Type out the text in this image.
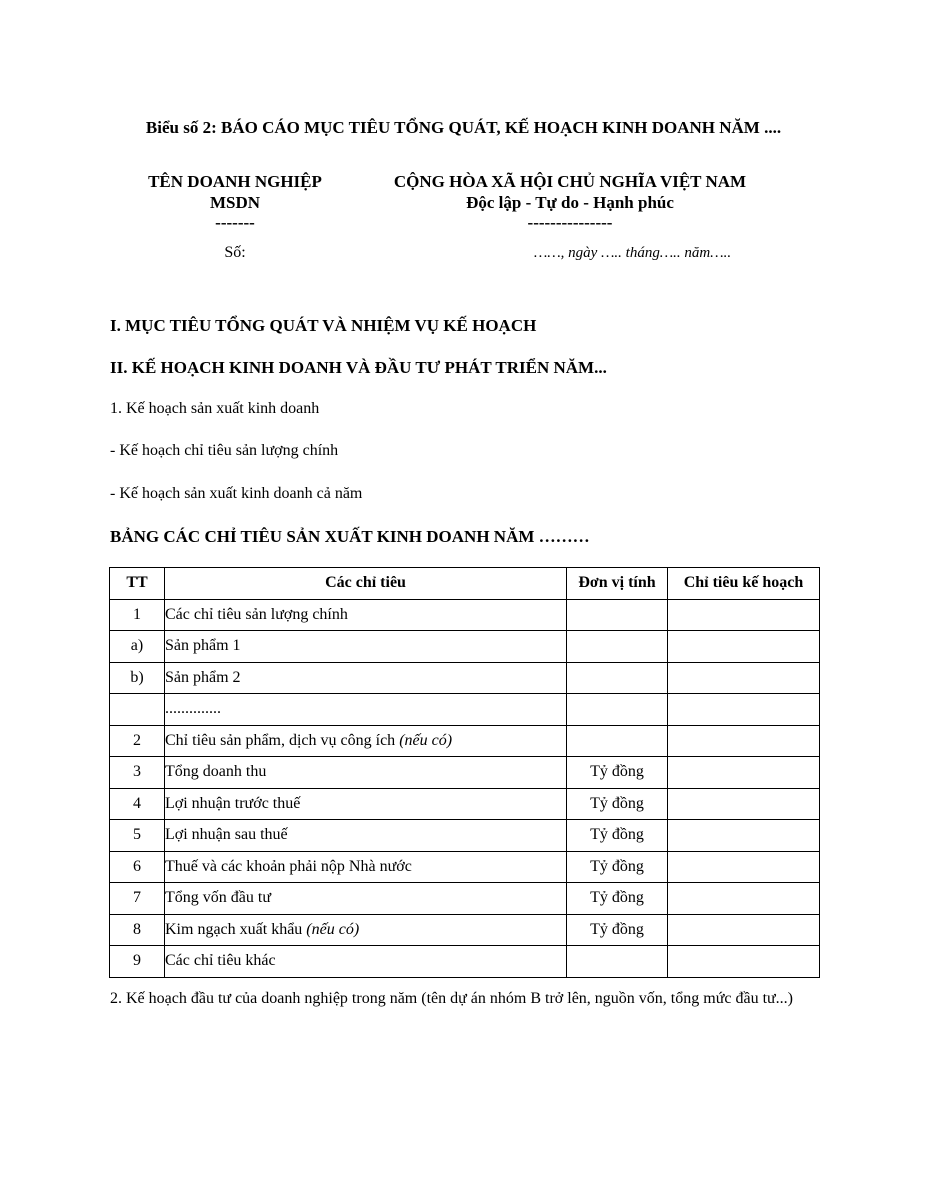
Biểu số 2: BÁO CÁO MỤC TIÊU TỔNG QUÁT, KẾ HOẠCH KINH DOANH NĂM ....
TÊN DOANH NGHIỆP
MSDN
-------
Số:
CỘNG HÒA XÃ HỘI CHỦ NGHĨA VIỆT NAM
Độc lập - Tự do - Hạnh phúc
---------------
……, ngày ….. tháng….. năm…..
I. MỤC TIÊU TỔNG QUÁT VÀ NHIỆM VỤ KẾ HOẠCH
II. KẾ HOẠCH KINH DOANH VÀ ĐẦU TƯ PHÁT TRIỂN NĂM...
1. Kế hoạch sản xuất kinh doanh
- Kế hoạch chỉ tiêu sản lượng chính
- Kế hoạch sản xuất kinh doanh cả năm
BẢNG CÁC CHỈ TIÊU SẢN XUẤT KINH DOANH NĂM ………
TT	Các chỉ tiêu	Đơn vị tính	Chỉ tiêu kế hoạch
1	Các chỉ tiêu sản lượng chính		
a)	Sản phẩm 1		
b)	Sản phẩm 2		
	..............		
2	Chỉ tiêu sản phẩm, dịch vụ công ích (nếu có)		
3	Tổng doanh thu	Tỷ đồng	
4	Lợi nhuận trước thuế	Tỷ đồng	
5	Lợi nhuận sau thuế	Tỷ đồng	
6	Thuế và các khoản phải nộp Nhà nước	Tỷ đồng	
7	Tổng vốn đầu tư	Tỷ đồng	
8	Kim ngạch xuất khẩu (nếu có)	Tỷ đồng	
9	Các chỉ tiêu khác		
2. Kế hoạch đầu tư của doanh nghiệp trong năm (tên dự án nhóm B trở lên, nguồn vốn, tổng mức đầu tư...)
